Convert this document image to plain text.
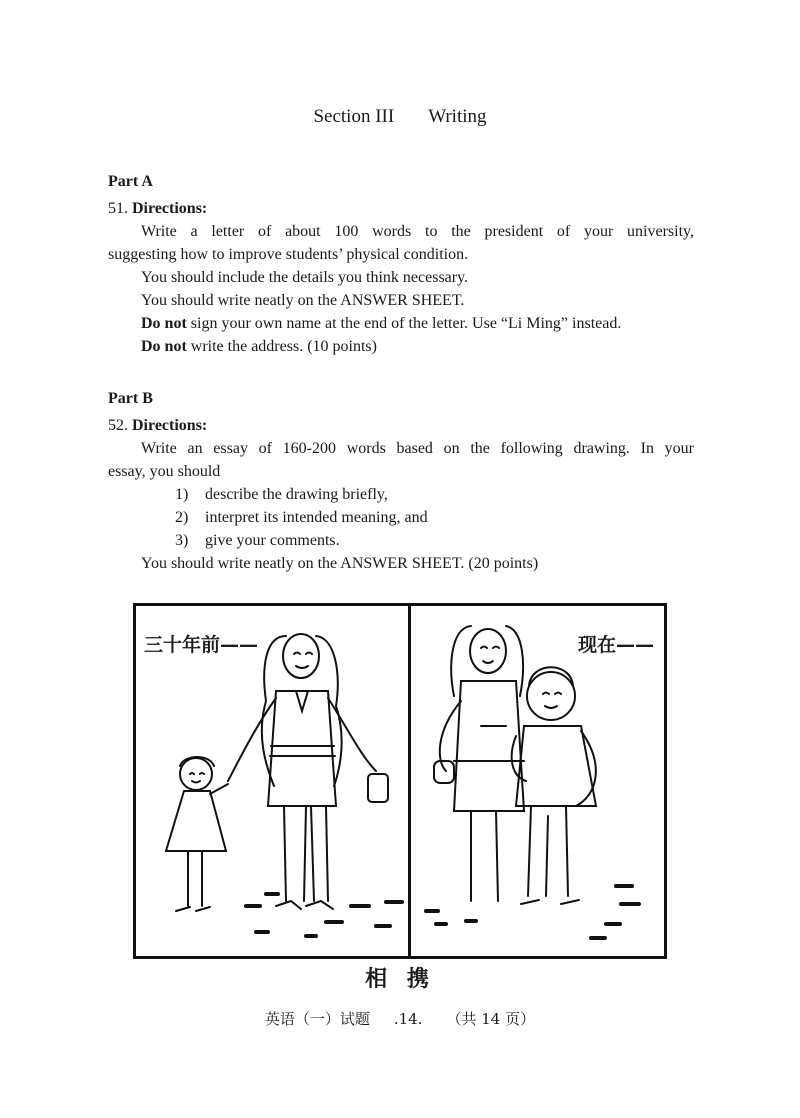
Section III Writing
Part A
51. Directions:
Write a letter of about 100 words to the president of your university,
suggesting how to improve students’ physical condition.
You should include the details you think necessary.
You should write neatly on the ANSWER SHEET.
Do not sign your own name at the end of the letter. Use “Li Ming” instead.
Do not write the address. (10 points)
Part B
52. Directions:
Write an essay of 160-200 words based on the following drawing. In your
essay, you should
1) describe the drawing briefly,
2) interpret its intended meaning, and
3) give your comments.
You should write neatly on the ANSWER SHEET. (20 points)
三十年前——	现在——
相 携
英语（一）试题 .14. （共 14 页）
